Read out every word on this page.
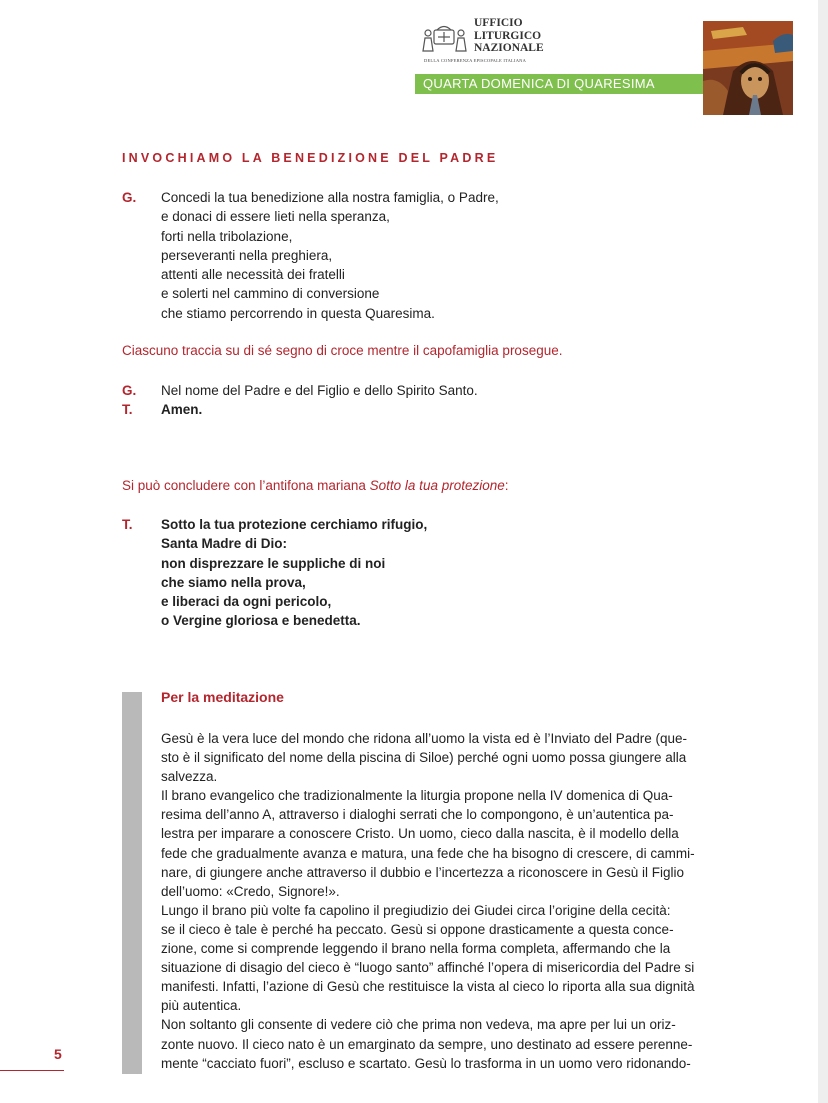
UFFICIO
LITURGICO
NAZIONALE
DELLA CONFERENZA EPISCOPALE ITALIANA
QUARTA DOMENICA DI QUARESIMA
INVOCHIAMO LA BENEDIZIONE DEL PADRE
G.	Concedi la tua benedizione alla nostra famiglia, o Padre,
e donaci di essere lieti nella speranza,
forti nella tribolazione,
perseveranti nella preghiera,
attenti alle necessità dei fratelli
e solerti nel cammino di conversione
che stiamo percorrendo in questa Quaresima.
Ciascuno traccia su di sé segno di croce mentre il capofamiglia prosegue.
G.	Nel nome del Padre e del Figlio e dello Spirito Santo.
T.	Amen.
Si può concludere con l’antifona mariana Sotto la tua protezione:
T.	Sotto la tua protezione cerchiamo rifugio,
Santa Madre di Dio:
non disprezzare le suppliche di noi
che siamo nella prova,
e liberaci da ogni pericolo,
o Vergine gloriosa e benedetta.
Per la meditazione
Gesù è la vera luce del mondo che ridona all’uomo la vista ed è l’Inviato del Padre (que-
sto è il significato del nome della piscina di Siloe) perché ogni uomo possa giungere alla
salvezza.
Il brano evangelico che tradizionalmente la liturgia propone nella IV domenica di Qua-
resima dell’anno A, attraverso i dialoghi serrati che lo compongono, è un’autentica pa-
lestra per imparare a conoscere Cristo. Un uomo, cieco dalla nascita, è il modello della
fede che gradualmente avanza e matura, una fede che ha bisogno di crescere, di cammi-
nare, di giungere anche attraverso il dubbio e l’incertezza a riconoscere in Gesù il Figlio
dell’uomo: «Credo, Signore!».
Lungo il brano più volte fa capolino il pregiudizio dei Giudei circa l’origine della cecità:
se il cieco è tale è perché ha peccato. Gesù si oppone drasticamente a questa conce-
zione, come si comprende leggendo il brano nella forma completa, affermando che la
situazione di disagio del cieco è “luogo santo” affinché l’opera di misericordia del Padre si
manifesti. Infatti, l’azione di Gesù che restituisce la vista al cieco lo riporta alla sua dignità
più autentica.
Non soltanto gli consente di vedere ciò che prima non vedeva, ma apre per lui un oriz-
zonte nuovo. Il cieco nato è un emarginato da sempre, uno destinato ad essere perenne-
mente “cacciato fuori”, escluso e scartato. Gesù lo trasforma in un uomo vero ridonando-
5
